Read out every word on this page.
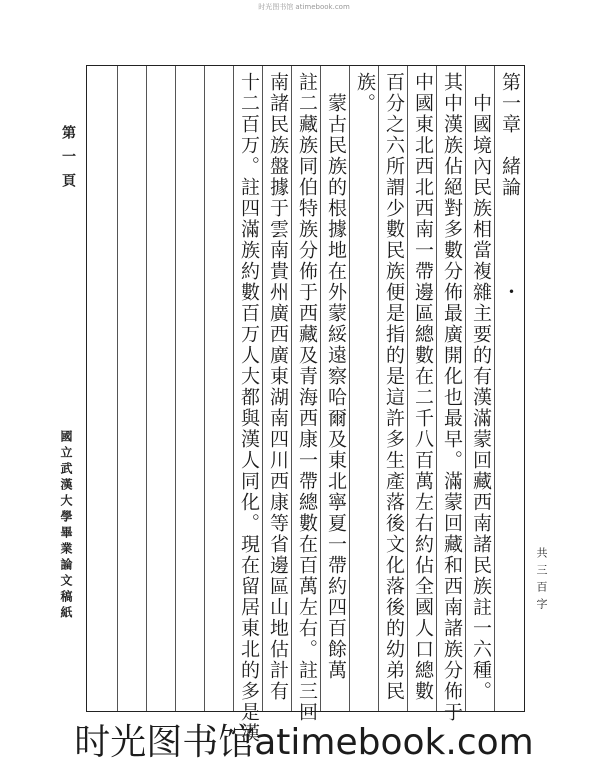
时光图书馆 atimebook.com
第一頁
國立武漢大學畢業論文稿紙
第一章　緒論　　　　・
　中國境內民族相當複雜主要的有漢滿蒙回藏西南諸民族註一六種。
其中漢族佔絕對多數分佈最廣開化也最早。滿蒙回藏和西南諸族分佈于
中國東北西北西南一帶邊區總數在二千八百萬左右約佔全國人口總數
百分之六所謂少數民族便是指的是這許多生產落後文化落後的幼弟民
族。
　蒙古民族的根據地在外蒙綏遠察哈爾及東北寧夏一帶約四百餘萬
註二藏族同伯特族分佈于西藏及青海西康一帶總數在百萬左右。註三回
南諸民族盤據于雲南貴州廣西廣東湖南四川西康等省邊區山地估計有
十二百万。註四滿族約數百万人大都與漢人同化。現在留居東北的多是漢	共三百字
时光图书馆atimebook.com
